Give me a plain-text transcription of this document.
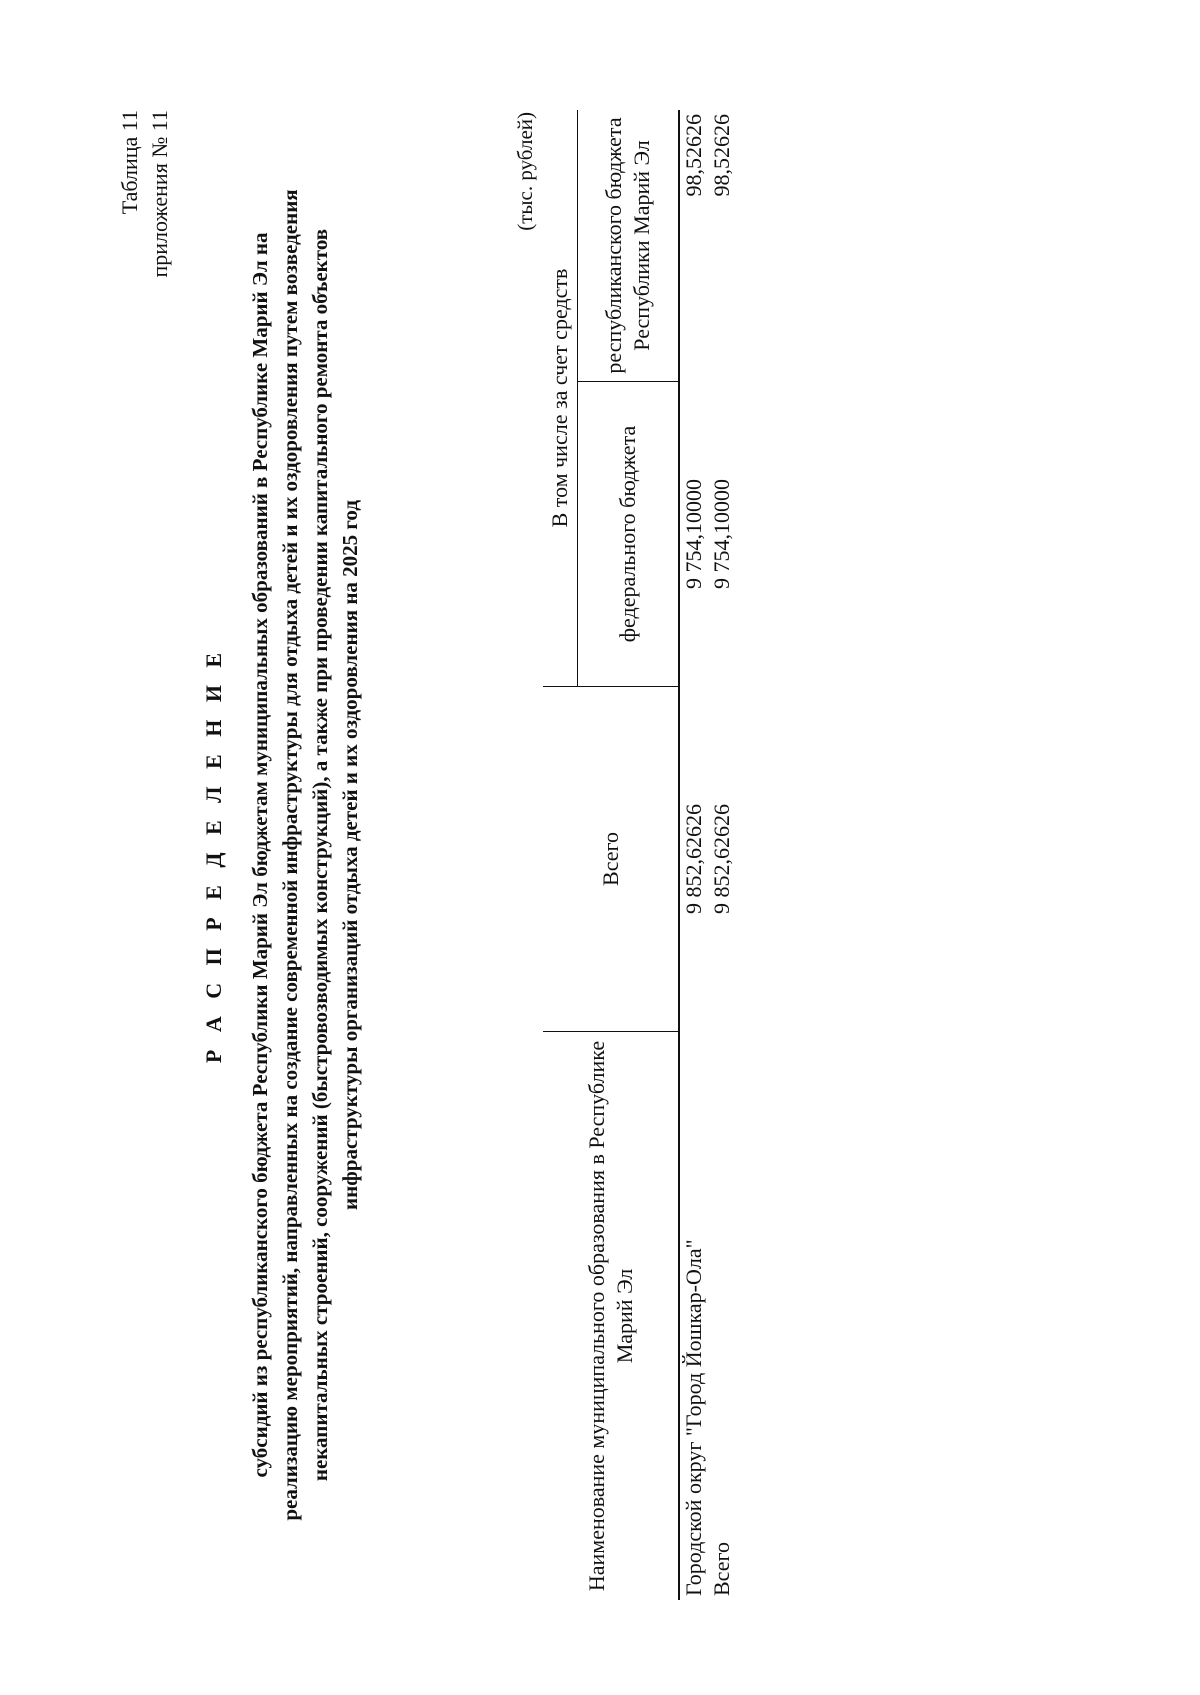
Таблица 11 приложения № 11
Р А С П Р Е Д Е Л Е Н И Е субсидий из республиканского бюджета Республики Марий Эл бюджетам муниципальных образований в Республике Марий Эл на реализацию мероприятий, направленных на создание современной инфраструктуры для отдыха детей и их оздоровления путем возведения некапитальных строений, сооружений (быстровозводимых конструкций), а также при проведении капитального ремонта объектов инфраструктуры организаций отдыха детей и их оздоровления на 2025 год
(тыс. рублей)
Наименование муниципального образования в Республике Марий Эл	Всего	В том числе за счет средств	
		федерального бюджета	республиканского бюджета Республики Марий Эл
Городской округ "Город Йошкар-Ола"	9 852,62626	9 754,10000	98,52626
Всего	9 852,62626	9 754,10000	98,52626
